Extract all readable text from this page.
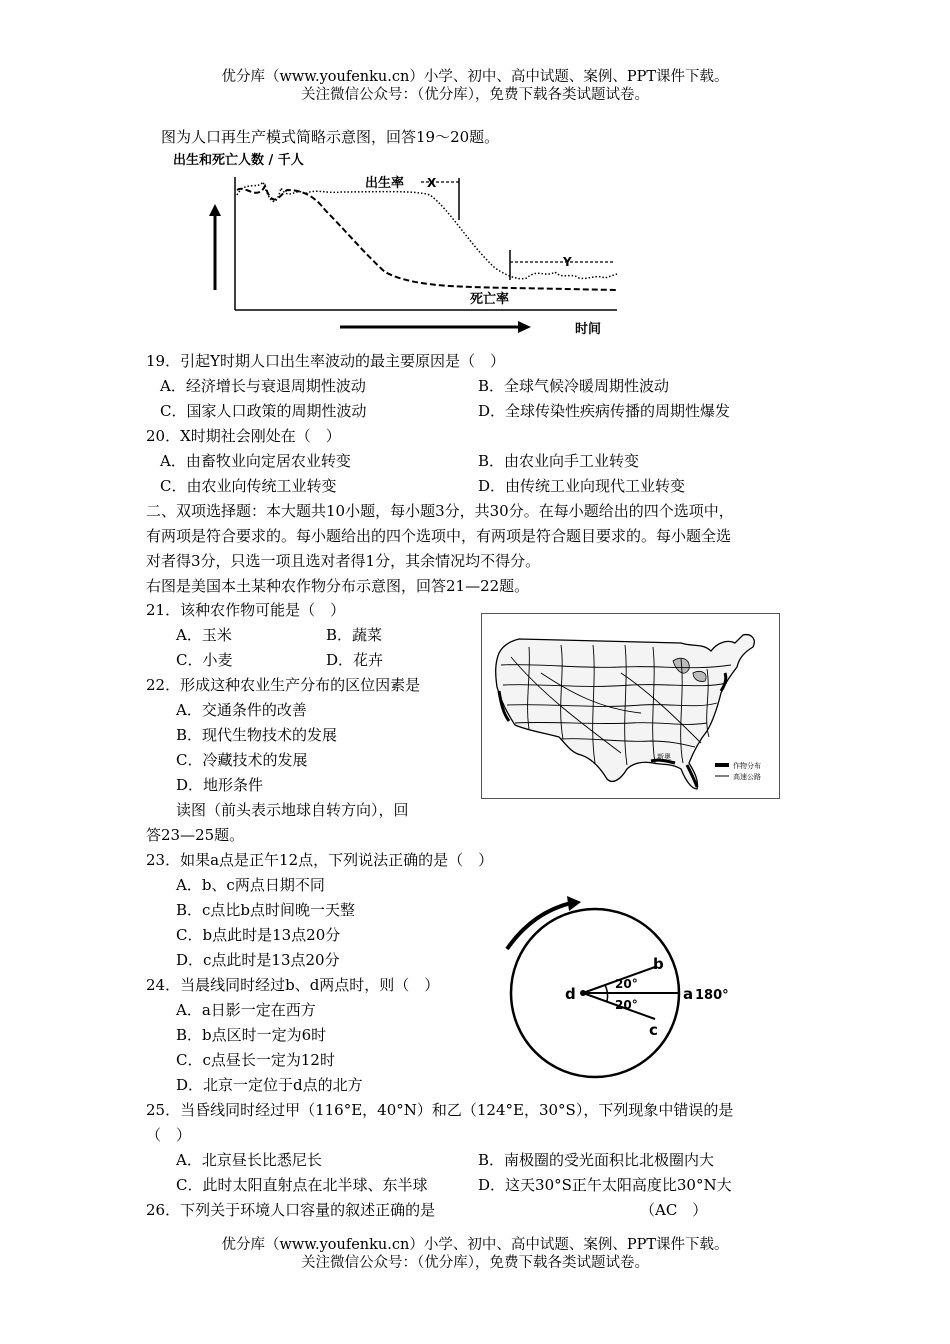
优分库（www.youfenku.cn）小学、初中、高中试题、案例、PPT课件下载。
关注微信公众号：（优分库），免费下载各类试题试卷。
图为人口再生产模式简略示意图，回答19～20题。
出生和死亡人数 / 千人
时间
出生率
死亡率
X
Y
19．引起Y时期人口出生率波动的最主要原因是（　）
A．经济增长与衰退周期性波动	B．全球气候冷暖周期性波动
C．国家人口政策的周期性波动	D．全球传染性疾病传播的周期性爆发
20．X时期社会刚处在（　）
A．由畜牧业向定居农业转变	B．由农业向手工业转变
C．由农业向传统工业转变	D．由传统工业向现代工业转变
二、双项选择题：本大题共10小题，每小题3分，共30分。在每小题给出的四个选项中，
有两项是符合要求的。每小题给出的四个选项中，有两项是符合题目要求的。每小题全选
对者得3分，只选一项且选对者得1分，其余情况均不得分。
右图是美国本土某种农作物分布示意图，回答21—22题。
21．该种农作物可能是（　）
A．玉米	B．蔬菜
C．小麦	D．花卉
22．形成这种农业生产分布的区位因素是
A．交通条件的改善
B．现代生物技术的发展
C．冷藏技术的发展
D．地形条件
新奥
作物分布
高速公路
读图（前头表示地球自转方向），回
答23—25题。
23．如果a点是正午12点，下列说法正确的是（　）
A．b、c两点日期不同
B．c点比b点时间晚一天整
C．b点此时是13点20分
D．c点此时是13点20分
24．当晨线同时经过b、d两点时，则（　）
A．a日影一定在西方
B．b点区时一定为6时
C．c点昼长一定为12时
D．北京一定位于d点的北方
d
b
c
a 180°
20°
20°
25．当昏线同时经过甲（116°E，40°N）和乙（124°E，30°S），下列现象中错误的是
（　）
A．北京昼长比悉尼长	B．南极圈的受光面积比北极圈内大
C．此时太阳直射点在北半球、东半球	D．这天30°S正午太阳高度比30°N大
26．下列关于环境人口容量的叙述正确的是	（AC　）
优分库（www.youfenku.cn）小学、初中、高中试题、案例、PPT课件下载。
关注微信公众号：（优分库），免费下载各类试题试卷。
